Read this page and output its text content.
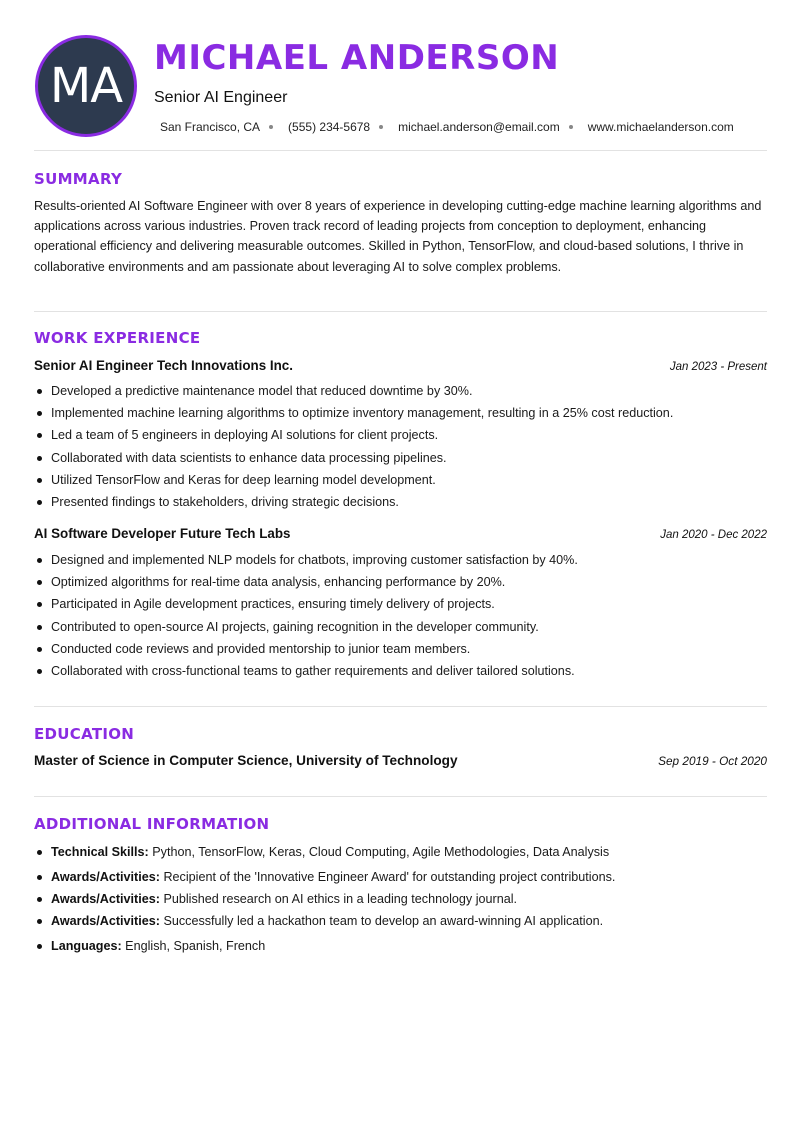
MA MICHAEL ANDERSON
Senior AI Engineer
San Francisco, CA (555) 234-5678 michael.anderson@email.com www.michaelanderson.com
SUMMARY

Results-oriented AI Software Engineer with over 8 years of experience in developing cutting-edge machine learning algorithms and applications across various industries. Proven track record of leading projects from conception to deployment, enhancing operational efficiency and delivering measurable outcomes. Skilled in Python, TensorFlow, and cloud-based solutions, I thrive in collaborative environments and am passionate about leveraging AI to solve complex problems.

WORK EXPERIENCE
Senior AI Engineer Tech Innovations Inc.	Jan 2023 - Present
Developed a predictive maintenance model that reduced downtime by 30%.
Implemented machine learning algorithms to optimize inventory management, resulting in a 25% cost reduction.
Led a team of 5 engineers in deploying AI solutions for client projects.
Collaborated with data scientists to enhance data processing pipelines.
Utilized TensorFlow and Keras for deep learning model development.
Presented findings to stakeholders, driving strategic decisions.
AI Software Developer Future Tech Labs	Jan 2020 - Dec 2022
Designed and implemented NLP models for chatbots, improving customer satisfaction by 40%.
Optimized algorithms for real-time data analysis, enhancing performance by 20%.
Participated in Agile development practices, ensuring timely delivery of projects.
Contributed to open-source AI projects, gaining recognition in the developer community.
Conducted code reviews and provided mentorship to junior team members.
Collaborated with cross-functional teams to gather requirements and deliver tailored solutions.
EDUCATION
Master of Science in Computer Science, University of Technology	Sep 2019 - Oct 2020
ADDITIONAL INFORMATION
Technical Skills: Python, TensorFlow, Keras, Cloud Computing, Agile Methodologies, Data Analysis
Awards/Activities: Recipient of the 'Innovative Engineer Award' for outstanding project contributions.
Awards/Activities: Published research on AI ethics in a leading technology journal.
Awards/Activities: Successfully led a hackathon team to develop an award-winning AI application.
Languages: English, Spanish, French
